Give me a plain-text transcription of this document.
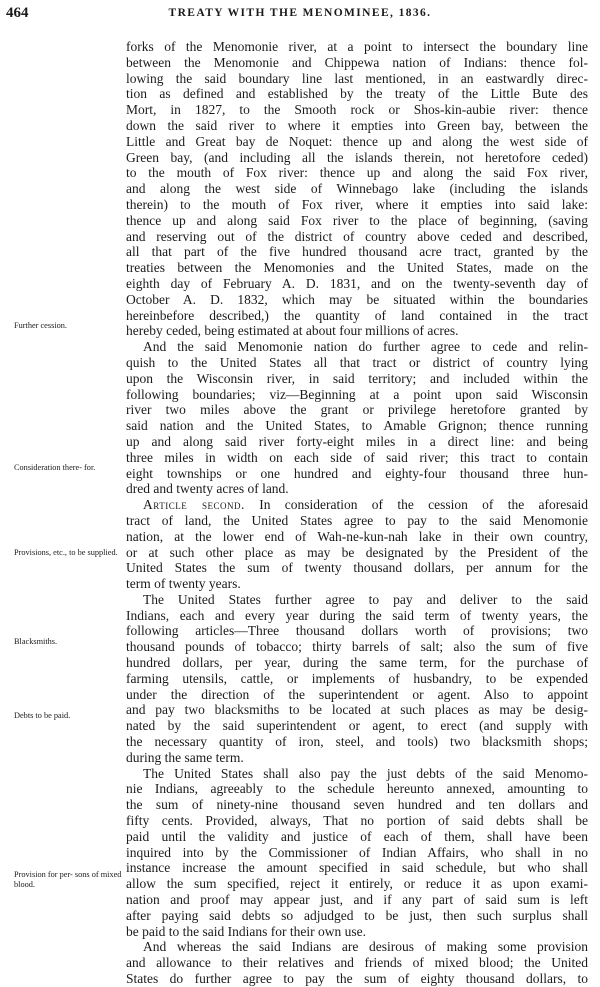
464	TREATY WITH THE MENOMINEE, 1836.
Further cession.
Consideration there- for.
Provisions, etc., to be supplied.
Blacksmiths.
Debts to be paid.
Provision for per- sons of mixed blood.
forks of the Menomonie river, at a point to intersect the boundary line
between the Menomonie and Chippewa nation of Indians: thence fol-
lowing the said boundary line last mentioned, in an eastwardly direc-
tion as defined and established by the treaty of the Little Bute des
Mort, in 1827, to the Smooth rock or Shos-kin-aubie river: thence
down the said river to where it empties into Green bay, between the
Little and Great bay de Noquet: thence up and along the west side of
Green bay, (and including all the islands therein, not heretofore ceded)
to the mouth of Fox river: thence up and along the said Fox river,
and along the west side of Winnebago lake (including the islands
therein) to the mouth of Fox river, where it empties into said lake:
thence up and along said Fox river to the place of beginning, (saving
and reserving out of the district of country above ceded and described,
all that part of the five hundred thousand acre tract, granted by the
treaties between the Menomonies and the United States, made on the
eighth day of February A. D. 1831, and on the twenty-seventh day of
October A. D. 1832, which may be situated within the boundaries
hereinbefore described,) the quantity of land contained in the tract
hereby ceded, being estimated at about four millions of acres.
And the said Menomonie nation do further agree to cede and relin-
quish to the United States all that tract or district of country lying
upon the Wisconsin river, in said territory; and included within the
following boundaries; viz—Beginning at a point upon said Wisconsin
river two miles above the grant or privilege heretofore granted by
said nation and the United States, to Amable Grignon; thence running
up and along said river forty-eight miles in a direct line: and being
three miles in width on each side of said river; this tract to contain
eight townships or one hundred and eighty-four thousand three hun-
dred and twenty acres of land.
Article second. In consideration of the cession of the aforesaid
tract of land, the United States agree to pay to the said Menomonie
nation, at the lower end of Wah-ne-kun-nah lake in their own country,
or at such other place as may be designated by the President of the
United States the sum of twenty thousand dollars, per annum for the
term of twenty years.
The United States further agree to pay and deliver to the said
Indians, each and every year during the said term of twenty years, the
following articles—Three thousand dollars worth of provisions; two
thousand pounds of tobacco; thirty barrels of salt; also the sum of five
hundred dollars, per year, during the same term, for the purchase of
farming utensils, cattle, or implements of husbandry, to be expended
under the direction of the superintendent or agent. Also to appoint
and pay two blacksmiths to be located at such places as may be desig-
nated by the said superintendent or agent, to erect (and supply with
the necessary quantity of iron, steel, and tools) two blacksmith shops;
during the same term.
The United States shall also pay the just debts of the said Menomo-
nie Indians, agreeably to the schedule hereunto annexed, amounting to
the sum of ninety-nine thousand seven hundred and ten dollars and
fifty cents. Provided, always, That no portion of said debts shall be
paid until the validity and justice of each of them, shall have been
inquired into by the Commissioner of Indian Affairs, who shall in no
instance increase the amount specified in said schedule, but who shall
allow the sum specified, reject it entirely, or reduce it as upon exami-
nation and proof may appear just, and if any part of said sum is left
after paying said debts so adjudged to be just, then such surplus shall
be paid to the said Indians for their own use.
And whereas the said Indians are desirous of making some provision
and allowance to their relatives and friends of mixed blood; the United
States do further agree to pay the sum of eighty thousand dollars, to
